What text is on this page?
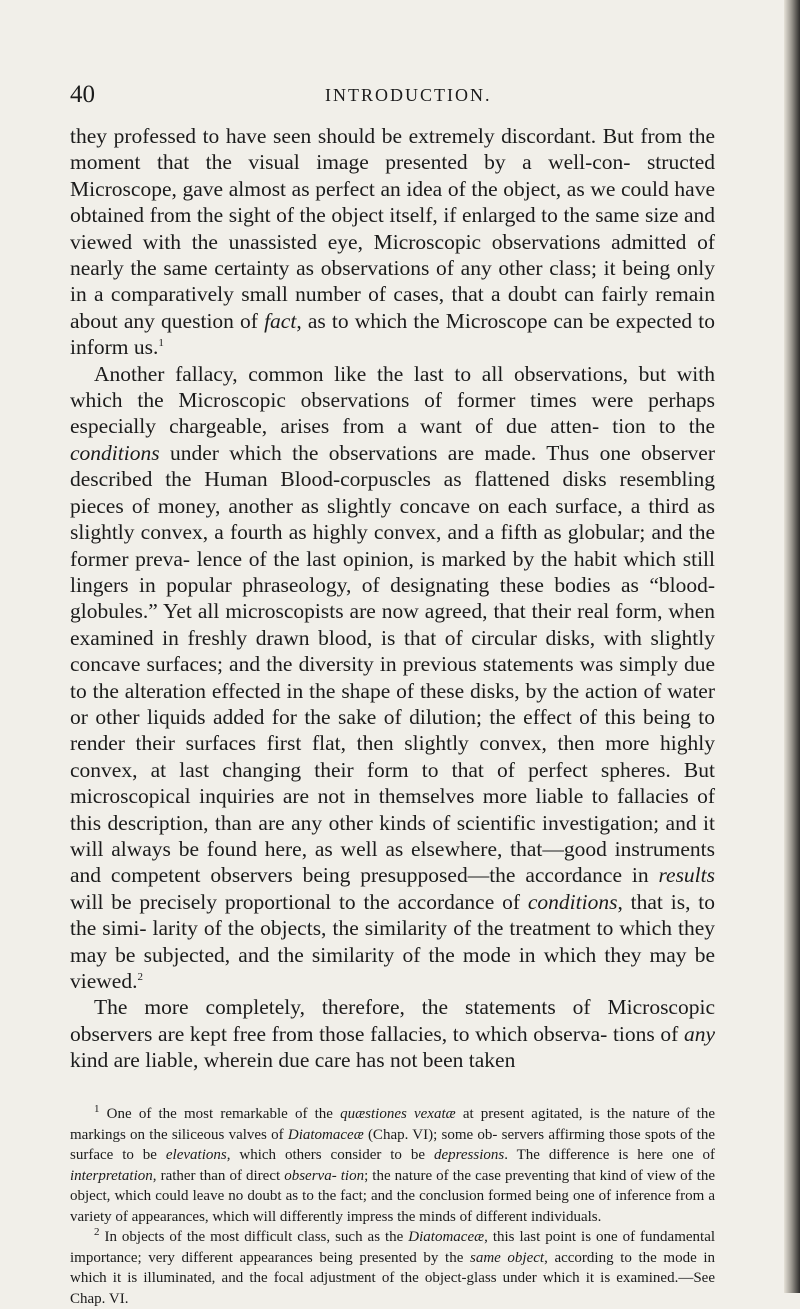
40	INTRODUCTION.

they professed to have seen should be extremely discordant. But from the moment that the visual image presented by a well-con- structed Microscope, gave almost as perfect an idea of the object, as we could have obtained from the sight of the object itself, if enlarged to the same size and viewed with the unassisted eye, Microscopic observations admitted of nearly the same certainty as observations of any other class; it being only in a comparatively small number of cases, that a doubt can fairly remain about any question of fact, as to which the Microscope can be expected to inform us.$^1$

Another fallacy, common like the last to all observations, but with which the Microscopic observations of former times were perhaps especially chargeable, arises from a want of due atten- tion to the conditions under which the observations are made. Thus one observer described the Human Blood-corpuscles as flattened disks resembling pieces of money, another as slightly concave on each surface, a third as slightly convex, a fourth as highly convex, and a fifth as globular; and the former preva- lence of the last opinion, is marked by the habit which still lingers in popular phraseology, of designating these bodies as “blood-globules.” Yet all microscopists are now agreed, that their real form, when examined in freshly drawn blood, is that of circular disks, with slightly concave surfaces; and the diversity in previous statements was simply due to the alteration effected in the shape of these disks, by the action of water or other liquids added for the sake of dilution; the effect of this being to render their surfaces first flat, then slightly convex, then more highly convex, at last changing their form to that of perfect spheres. But microscopical inquiries are not in themselves more liable to fallacies of this description, than are any other kinds of scientific investigation; and it will always be found here, as well as elsewhere, that—good instruments and competent observers being presupposed—the accordance in results will be precisely proportional to the accordance of conditions, that is, to the simi- larity of the objects, the similarity of the treatment to which they may be subjected, and the similarity of the mode in which they may be viewed.$^2$

The more completely, therefore, the statements of Microscopic observers are kept free from those fallacies, to which observa- tions of any kind are liable, wherein due care has not been taken

$^1$ One of the most remarkable of the quæstiones vexatæ at present agitated, is the nature of the markings on the siliceous valves of Diatomaceæ (Chap. VI); some ob- servers affirming those spots of the surface to be elevations, which others consider to be depressions. The difference is here one of interpretation, rather than of direct observa- tion; the nature of the case preventing that kind of view of the object, which could leave no doubt as to the fact; and the conclusion formed being one of inference from a variety of appearances, which will differently impress the minds of different individuals.

$^2$ In objects of the most difficult class, such as the Diatomaceæ, this last point is one of fundamental importance; very different appearances being presented by the same object, according to the mode in which it is illuminated, and the focal adjustment of the object-glass under which it is examined.—See Chap. VI.
